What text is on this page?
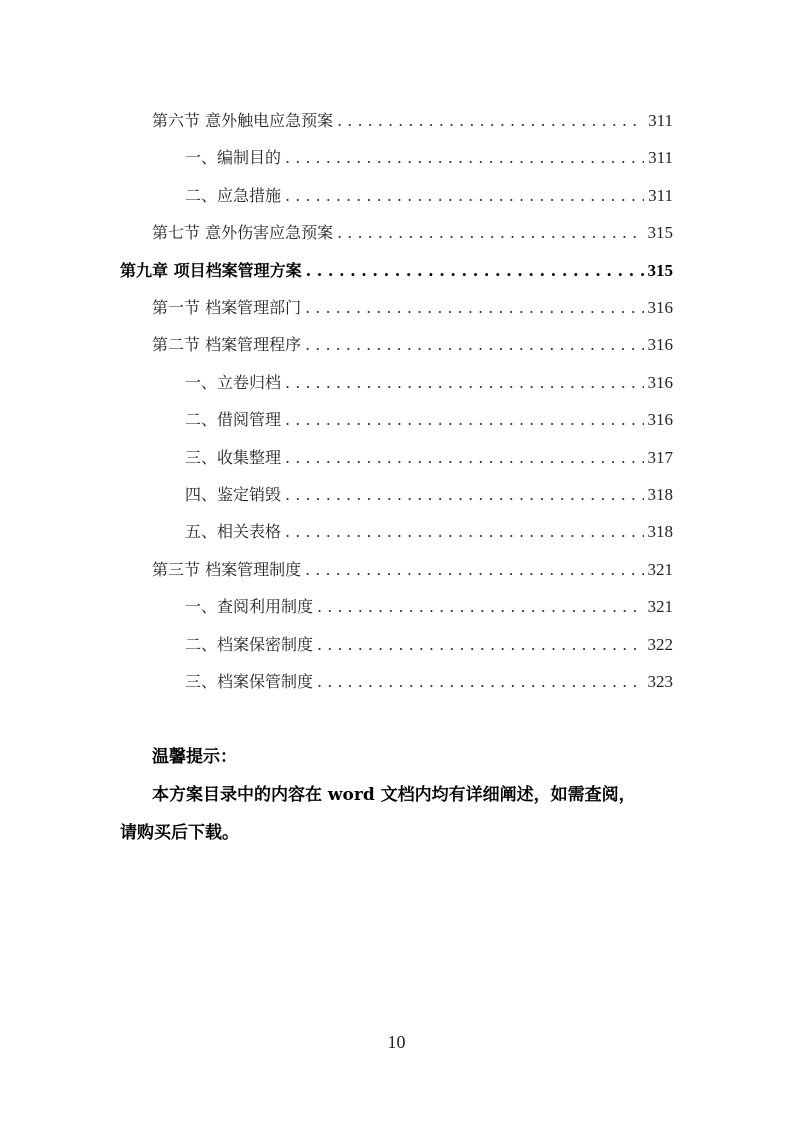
第六节 意外触电应急预案 . . .	311
一、编制目的 . . .	311
二、应急措施 . . .	311
第七节 意外伤害应急预案 . . .	315
第九章 项目档案管理方案 . . .	315
第一节 档案管理部门 . . .	316
第二节 档案管理程序 . . .	316
一、立卷归档 . . .	316
二、借阅管理 . . .	316
三、收集整理 . . .	317
四、鉴定销毁 . . .	318
五、相关表格 . . .	318
第三节 档案管理制度 . . .	321
一、查阅利用制度 . . .	321
二、档案保密制度 . . .	322
三、档案保管制度 . . .	323
温馨提示：
本方案目录中的内容在 word 文档内均有详细阐述，如需查阅，
请购买后下载。
10
